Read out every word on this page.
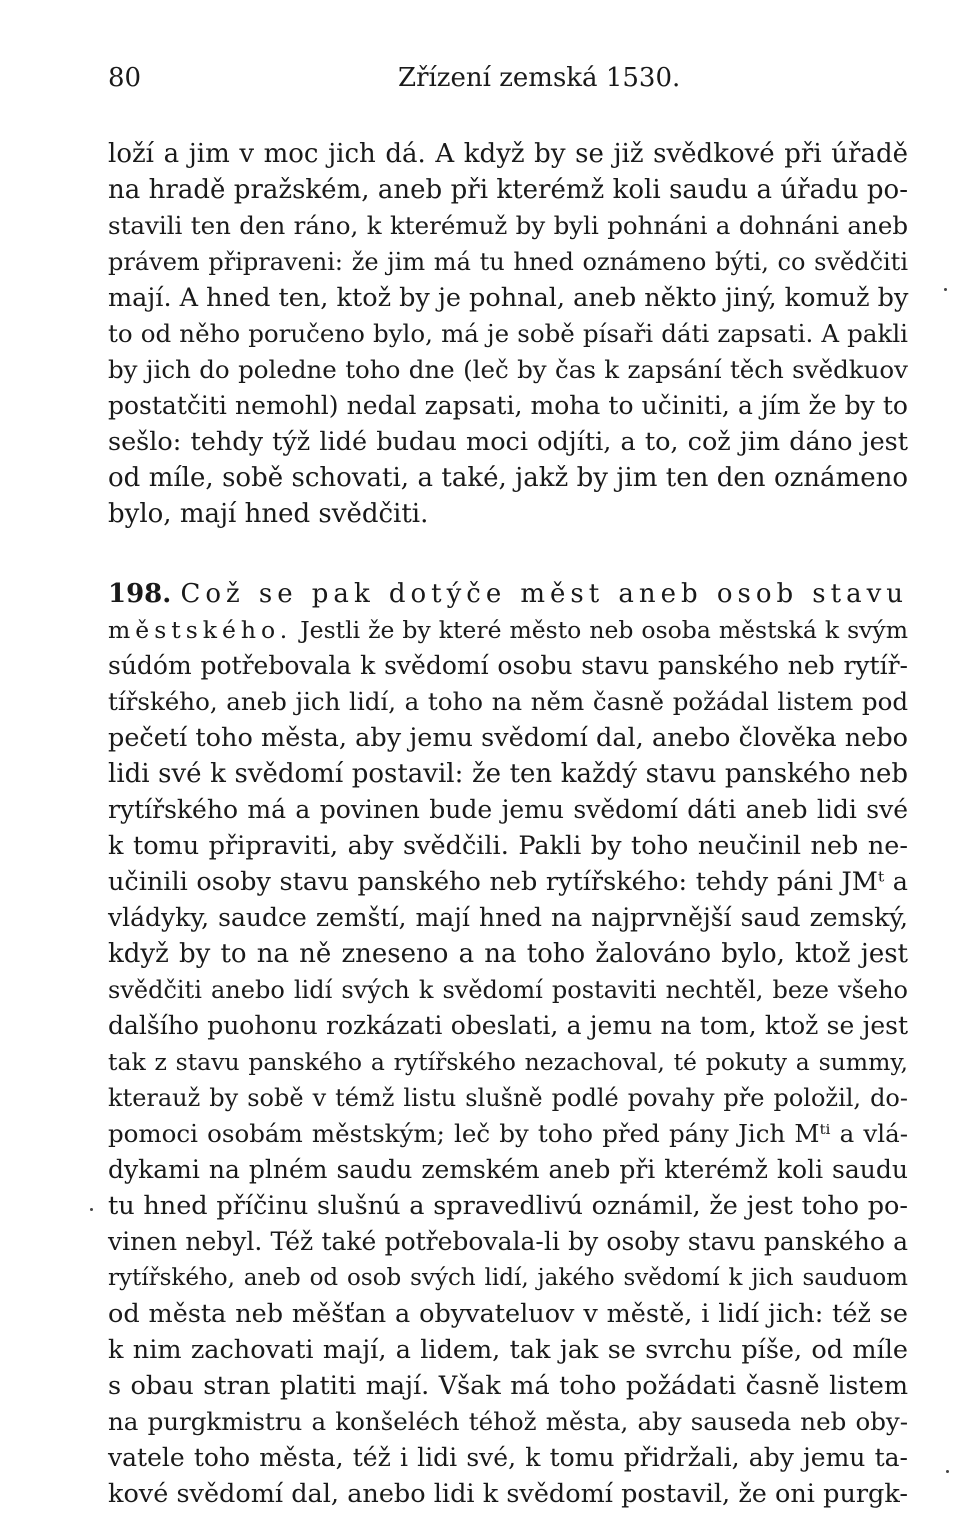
80	Zřízení zemská 1530.
loží a jim v moc jich dá. A když by se již svědkové při úřadě
na hradě pražském, aneb při kterémž koli saudu a úřadu po-
stavili ten den ráno, k kterémuž by byli pohnáni a dohnáni aneb
právem připraveni: že jim má tu hned oznámeno býti, co svědčiti
mají. A hned ten, ktož by je pohnal, aneb někto jiný, komuž by
to od něho poručeno bylo, má je sobě písaři dáti zapsati. A pakli
by jich do poledne toho dne (leč by čas k zapsání těch svědkuov
postatčiti nemohl) nedal zapsati, moha to učiniti, a jím že by to
sešlo: tehdy týž lidé budau moci odjíti, a to, což jim dáno jest
od míle, sobě schovati, a také, jakž by jim ten den oznámeno
bylo, mají hned svědčiti.
198. Což se pak dotýče měst aneb osob stavu
městského. Jestli že by které město neb osoba městská k svým
súdóm potřebovala k svědomí osobu stavu panského neb rytíř-
tířského, aneb jich lidí, a toho na něm časně požádal listem pod
pečetí toho města, aby jemu svědomí dal, anebo člověka nebo
lidi své k svědomí postavil: že ten každý stavu panského neb
rytířského má a povinen bude jemu svědomí dáti aneb lidi své
k tomu připraviti, aby svědčili. Pakli by toho neučinil neb ne-
učinili osoby stavu panského neb rytířského: tehdy páni JMᵗ a
vládyky, saudce zemští, mají hned na najprvnější saud zemský,
když by to na ně zneseno a na toho žalováno bylo, ktož jest
svědčiti anebo lidí svých k svědomí postaviti nechtěl, beze všeho
dalšího puohonu rozkázati obeslati, a jemu na tom, ktož se jest
tak z stavu panského a rytířského nezachoval, té pokuty a summy,
kterauž by sobě v témž listu slušně podlé povahy pře položil, do-
pomoci osobám městským; leč by toho před pány Jich Mᵗⁱ a vlá-
dykami na plném saudu zemském aneb při kterémž koli saudu
tu hned příčinu slušnú a spravedlivú oznámil, že jest toho po-
vinen nebyl. Též také potřebovala-li by osoby stavu panského a
rytířského, aneb od osob svých lidí, jakého svědomí k jich sauduom
od města neb měšťan a obyvateluov v městě, i lidí jich: též se
k nim zachovati mají, a lidem, tak jak se svrchu píše, od míle
s obau stran platiti mají. Však má toho požádati časně listem
na purgkmistru a konšeléch téhož města, aby sauseda neb oby-
vatele toho města, též i lidi své, k tomu přidržali, aby jemu ta-
kové svědomí dal, anebo lidi k svědomí postavil, že oni purgk-
